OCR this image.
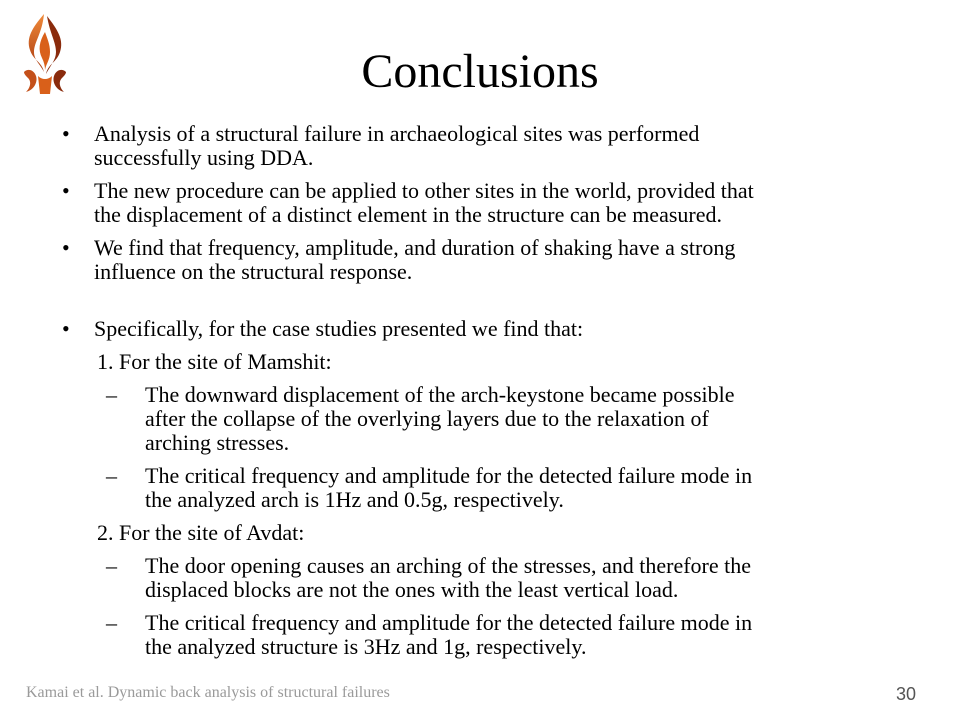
Conclusions
• Analysis of a structural failure in archaeological sites was performed
successfully using DDA.
• The new procedure can be applied to other sites in the world, provided that
the displacement of a distinct element in the structure can be measured.
• We find that frequency, amplitude, and duration of shaking have a strong
influence on the structural response.
• Specifically, for the case studies presented we find that:
1. For the site of Mamshit:
– The downward displacement of the arch-keystone became possible
after the collapse of the overlying layers due to the relaxation of
arching stresses.
– The critical frequency and amplitude for the detected failure mode in
the analyzed arch is 1Hz and 0.5g, respectively.
2. For the site of Avdat:
– The door opening causes an arching of the stresses, and therefore the
displaced blocks are not the ones with the least vertical load.
– The critical frequency and amplitude for the detected failure mode in
the analyzed structure is 3Hz and 1g, respectively.
Kamai et al. Dynamic back analysis of structural failures	30
